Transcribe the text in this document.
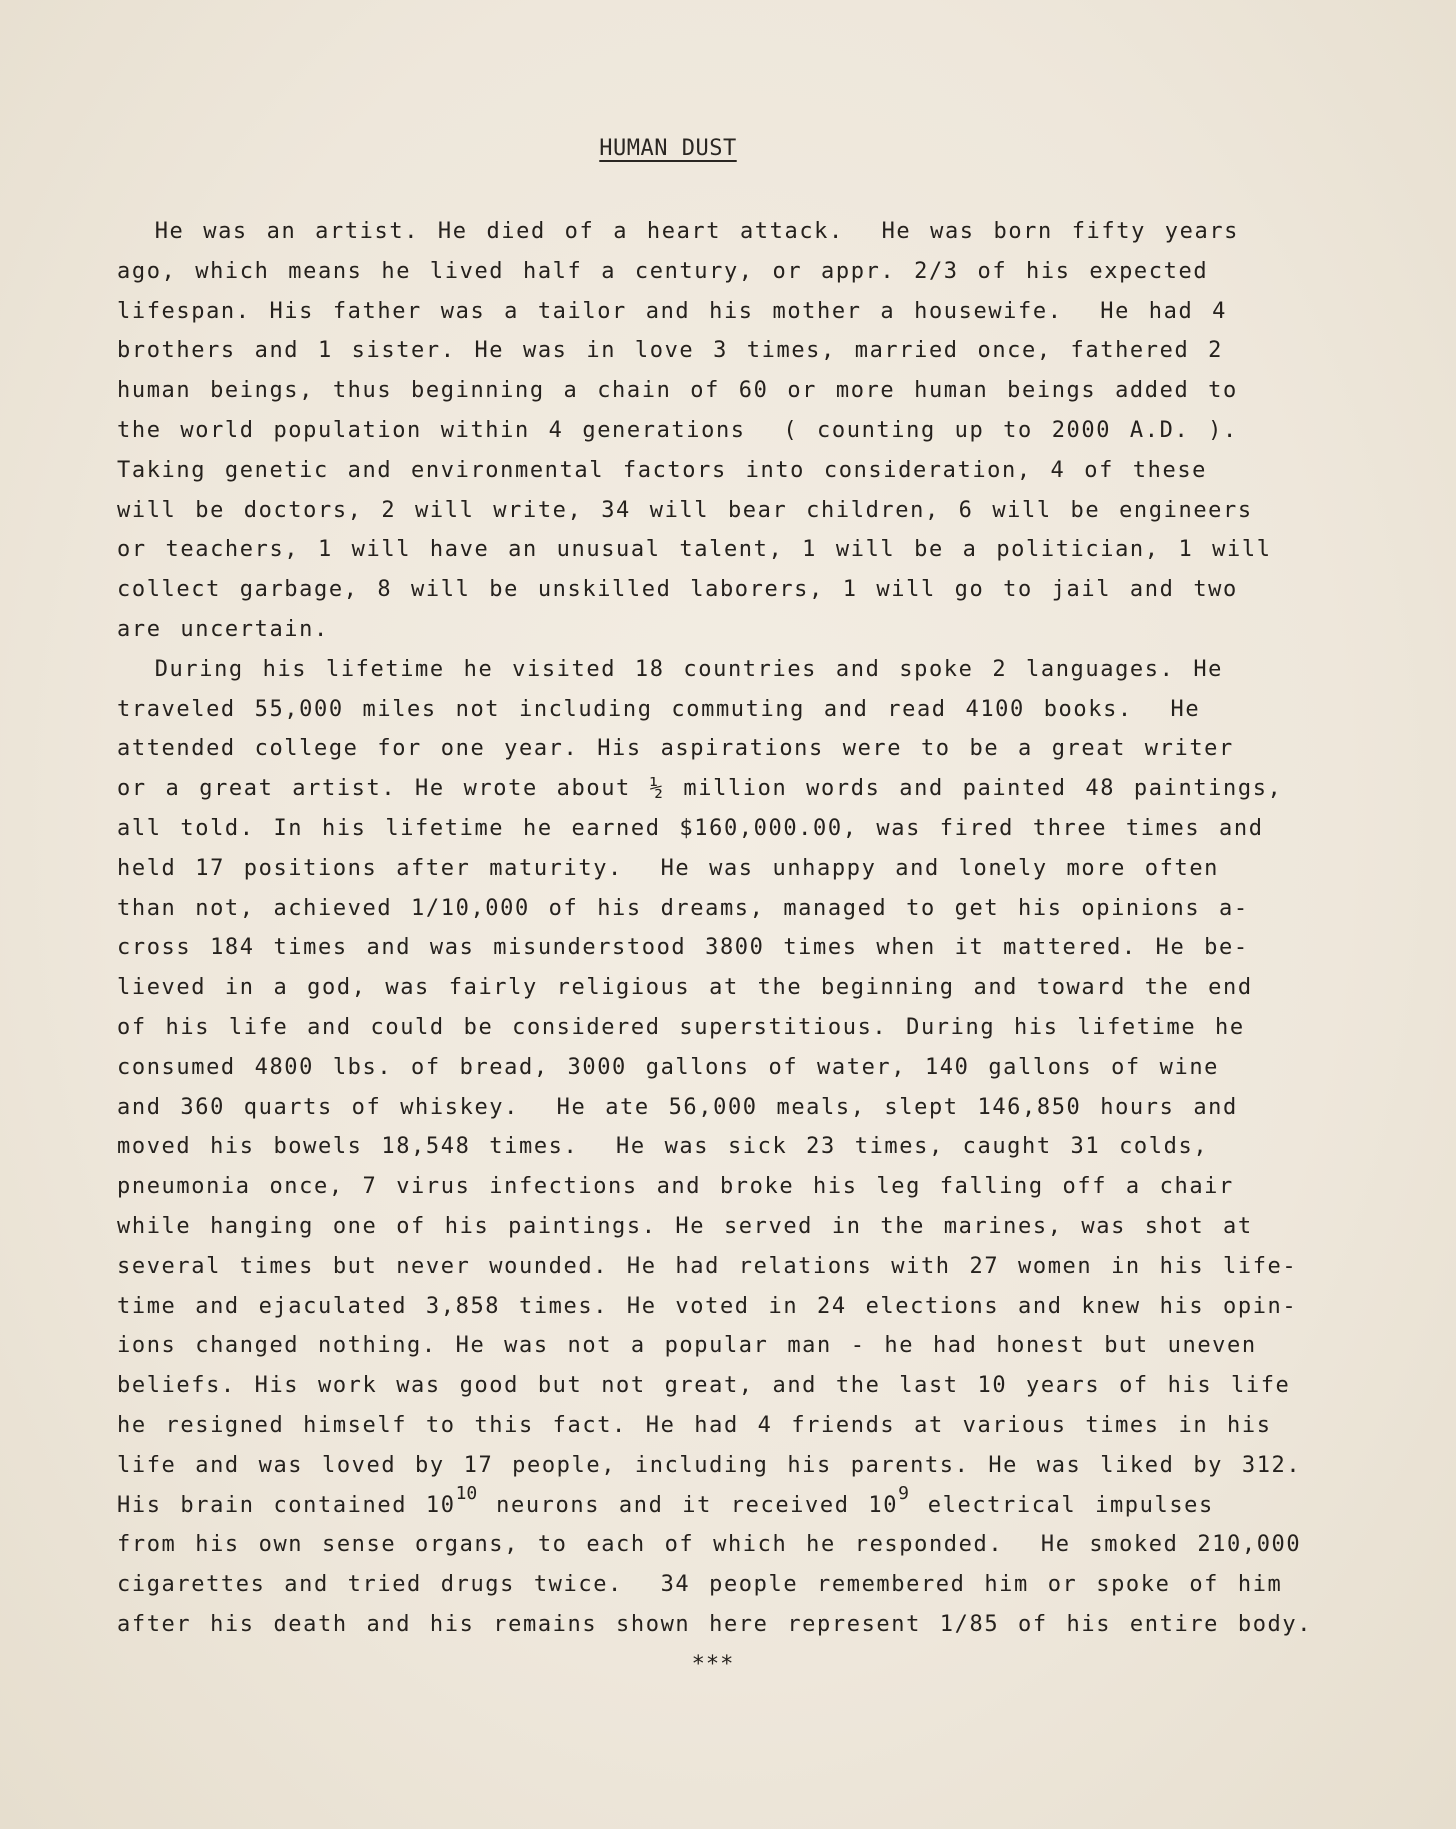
HUMAN DUST
He was an artist. He died of a heart attack.  He was born fifty years
ago, which means he lived half a century, or appr. 2/3 of his expected
lifespan. His father was a tailor and his mother a housewife.  He had 4
brothers and 1 sister. He was in love 3 times, married once, fathered 2
human beings, thus beginning a chain of 60 or more human beings added to
the world population within 4 generations  ( counting up to 2000 A.D. ).
Taking genetic and environmental factors into consideration, 4 of these
will be doctors, 2 will write, 34 will bear children, 6 will be engineers
or teachers, 1 will have an unusual talent, 1 will be a politician, 1 will
collect garbage, 8 will be unskilled laborers, 1 will go to jail and two
are uncertain.
During his lifetime he visited 18 countries and spoke 2 languages. He
traveled 55,000 miles not including commuting and read 4100 books.  He
attended college for one year. His aspirations were to be a great writer
or a great artist. He wrote about ½ million words and painted 48 paintings,
all told. In his lifetime he earned $160,000.00, was fired three times and
held 17 positions after maturity.  He was unhappy and lonely more often
than not, achieved 1/10,000 of his dreams, managed to get his opinions a-
cross 184 times and was misunderstood 3800 times when it mattered. He be-
lieved in a god, was fairly religious at the beginning and toward the end
of his life and could be considered superstitious. During his lifetime he
consumed 4800 lbs. of bread, 3000 gallons of water, 140 gallons of wine
and 360 quarts of whiskey.  He ate 56,000 meals, slept 146,850 hours and
moved his bowels 18,548 times.  He was sick 23 times, caught 31 colds,
pneumonia once, 7 virus infections and broke his leg falling off a chair
while hanging one of his paintings. He served in the marines, was shot at
several times but never wounded. He had relations with 27 women in his life-
time and ejaculated 3,858 times. He voted in 24 elections and knew his opin-
ions changed nothing. He was not a popular man - he had honest but uneven
beliefs. His work was good but not great, and the last 10 years of his life
he resigned himself to this fact. He had 4 friends at various times in his
life and was loved by 17 people, including his parents. He was liked by 312.
His brain contained 1010 neurons and it received 109 electrical impulses
from his own sense organs, to each of which he responded.  He smoked 210,000
cigarettes and tried drugs twice.  34 people remembered him or spoke of him
after his death and his remains shown here represent 1/85 of his entire body.
***
